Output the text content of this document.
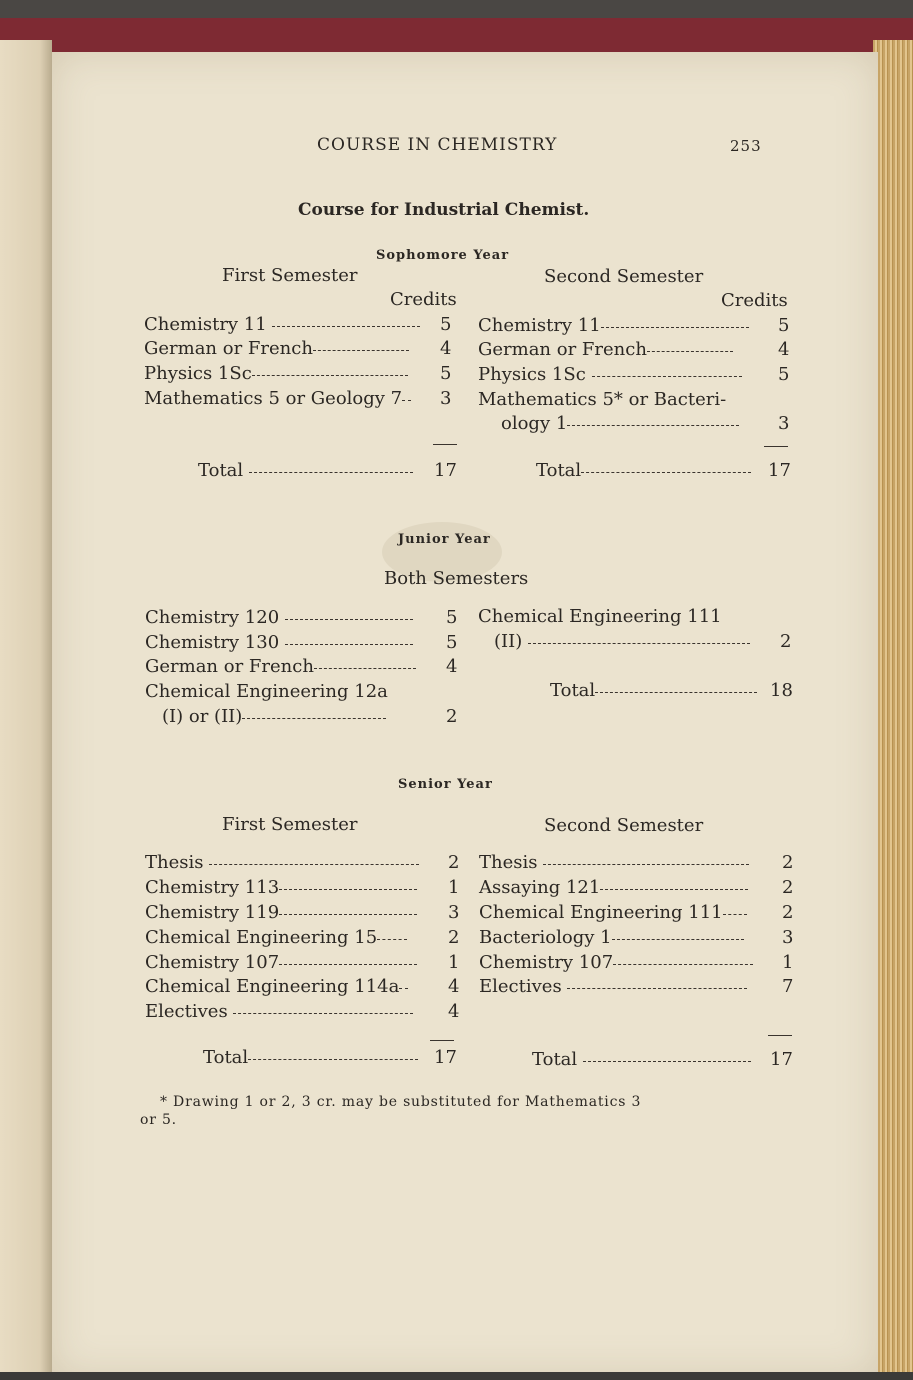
COURSE IN CHEMISTRY	253
Course for Industrial Chemist.
Sophomore Year
First Semester	Second Semester
Credits	Credits
Chemistry 11	5
German or French	4
Physics 1Sc	5
Mathematics 5 or Geology 7	3
Total	17
Chemistry 11	5
German or French	4
Physics 1Sc	5
Mathematics 5* or Bacteri-
ology 1	3
Total	17
Junior Year
Both Semesters
Chemistry 120	5
Chemistry 130	5
German or French	4
Chemical Engineering 12a
(I) or (II)	2
Chemical Engineering 111
(II)	2
Total	18
Senior Year
First Semester	Second Semester
Thesis	2
Chemistry 113	1
Chemistry 119	3
Chemical Engineering 15	2
Chemistry 107	1
Chemical Engineering 114a	4
Electives	4
Total	17
Thesis	2
Assaying 121	2
Chemical Engineering 111	2
Bacteriology 1	3
Chemistry 107	1
Electives	7
Total	17
* Drawing 1 or 2, 3 cr. may be substituted for Mathematics 3
or 5.
